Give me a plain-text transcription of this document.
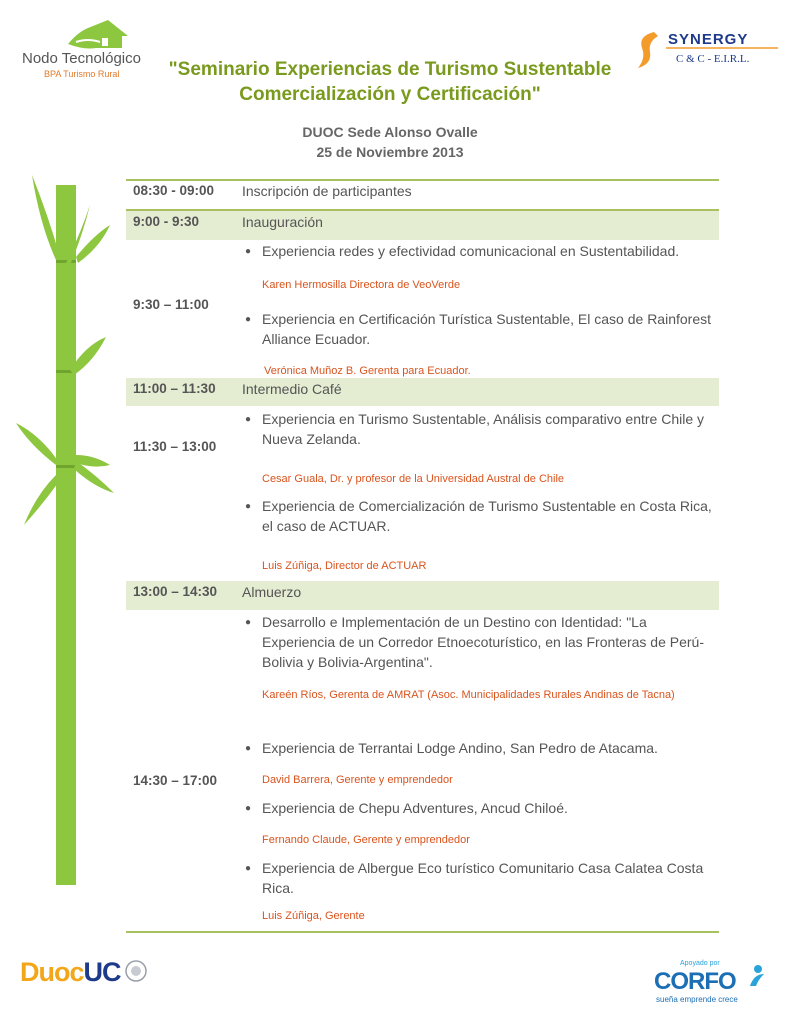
Nodo Tecnológico
BPA Turismo Rural
SYNERGY
C & C - E.I.R.L.
"Seminario Experiencias de Turismo Sustentable
Comercialización y Certificación"
DUOC Sede Alonso Ovalle
25 de Noviembre 2013
08:30 - 09:00 Inscripción de participantes
9:00 - 9:30	Inauguración
9:30 – 11:00
● Experiencia redes y efectividad comunicacional en Sustentabilidad.
Karen Hermosilla Directora de VeoVerde
● Experiencia en Certificación Turística Sustentable, El caso de Rainforest Alliance Ecuador.
Verónica Muñoz B. Gerenta para Ecuador.
11:00 – 11:30 Intermedio Café
11:30 – 13:00
● Experiencia en Turismo Sustentable, Análisis comparativo entre Chile y Nueva Zelanda.
Cesar Guala, Dr. y profesor de la Universidad Austral de Chile
● Experiencia de Comercialización de Turismo Sustentable en Costa Rica, el caso de ACTUAR.
Luis Zúñiga, Director de ACTUAR
13:00 – 14:30 Almuerzo
14:30 – 17:00
● Desarrollo e Implementación de un Destino con Identidad: "La Experiencia de un Corredor Etnoecoturístico, en las Fronteras de Perú-Bolivia y Bolivia-Argentina".
Kareén Ríos, Gerenta de AMRAT (Asoc. Municipalidades Rurales Andinas de Tacna)
● Experiencia de Terrantai Lodge Andino, San Pedro de Atacama.
David Barrera, Gerente y emprendedor
● Experiencia de Chepu Adventures, Ancud Chiloé.
Fernando Claude, Gerente y emprendedor
● Experiencia de Albergue Eco turístico Comunitario Casa Calatea Costa Rica.
Luis Zúñiga, Gerente
DuocUC	Apoyado por
CORFO
sueña emprende crece
